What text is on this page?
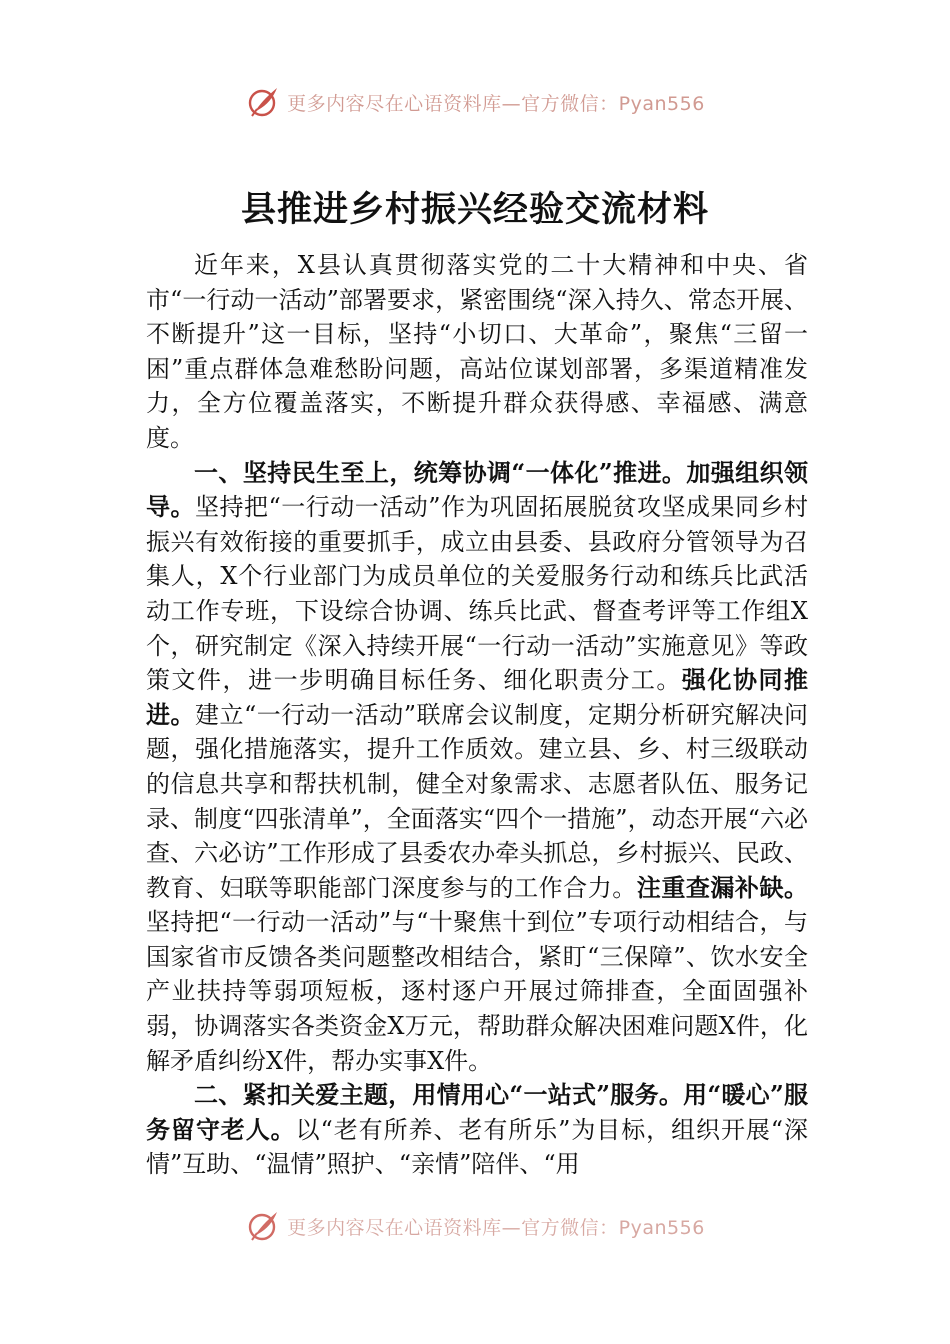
更多内容尽在心语资料库—官方微信：Pyan556
县推进乡村振兴经验交流材料

近年来，X县认真贯彻落实党的二十大精神和中央、省市“一行动一活动”部署要求，紧密围绕“深入持久、常态开展、不断提升”这一目标，坚持“小切口、大革命”，聚焦“三留一困”重点群体急难愁盼问题，高站位谋划部署，多渠道精准发力，全方位覆盖落实，不断提升群众获得感、幸福感、满意度。

一、坚持民生至上，统筹协调“一体化”推进。加强组织领导。坚持把“一行动一活动”作为巩固拓展脱贫攻坚成果同乡村振兴有效衔接的重要抓手，成立由县委、县政府分管领导为召集人，X个行业部门为成员单位的关爱服务行动和练兵比武活动工作专班，下设综合协调、练兵比武、督查考评等工作组X个，研究制定《深入持续开展“一行动一活动”实施意见》等政策文件，进一步明确目标任务、细化职责分工。强化协同推进。建立“一行动一活动”联席会议制度，定期分析研究解决问题，强化措施落实，提升工作质效。建立县、乡、村三级联动的信息共享和帮扶机制，健全对象需求、志愿者队伍、服务记录、制度“四张清单”，全面落实“四个一措施”，动态开展“六必查、六必访”工作形成了县委农办牵头抓总，乡村振兴、民政、教育、妇联等职能部门深度参与的工作合力。注重查漏补缺。坚持把“一行动一活动”与“十聚焦十到位”专项行动相结合，与国家省市反馈各类问题整改相结合，紧盯“三保障”、饮水安全产业扶持等弱项短板，逐村逐户开展过筛排查，全面固强补弱，协调落实各类资金X万元，帮助群众解决困难问题X件，化解矛盾纠纷X件，帮办实事X件。

二、紧扣关爱主题，用情用心“一站式”服务。用“暖心”服务留守老人。以“老有所养、老有所乐”为目标，组织开展“深情”互助、“温情”照护、“亲情”陪伴、“用

更多内容尽在心语资料库—官方微信：Pyan556
